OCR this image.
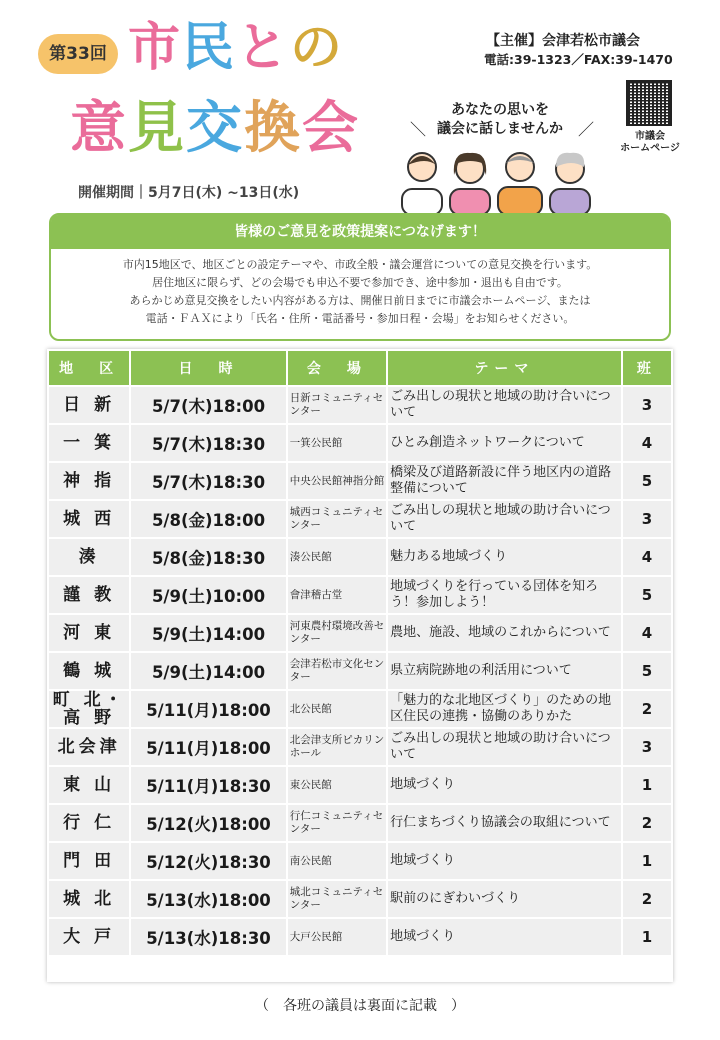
第33回 市民との
意見交換会
開催期間｜5月7日(木) ~13日(水)
【主催】会津若松市議会
電話:39-1323／FAX:39-1470
市議会
ホームページ
あなたの思いを
＼ 議会に話しませんか ／
皆様のご意見を政策提案につなげます！
市内15地区で、地区ごとの設定テーマや、市政全般・議会運営についての意見交換を行います。
居住地区に限らず、どの会場でも申込不要で参加でき、途中参加・退出も自由です。
あらかじめ意見交換をしたい内容がある方は、開催日前日までに市議会ホームページ、または
電話・ＦＡＸにより「氏名・住所・電話番号・参加日程・会場」をお知らせください。
地　区	日　時	会　場	テーマ	班
日 新	5/7(木)18:00	日新コミュニティセンター	ごみ出しの現状と地域の助け合いについて	3
一 箕	5/7(木)18:30	一箕公民館	ひとみ創造ネットワークについて	4
神 指	5/7(木)18:30	中央公民館神指分館	橋梁及び道路新設に伴う地区内の道路整備について	5
城 西	5/8(金)18:00	城西コミュニティセンター	ごみ出しの現状と地域の助け合いについて	3
湊	5/8(金)18:30	湊公民館	魅力ある地域づくり	4
謹 教	5/9(土)10:00	會津稽古堂	地域づくりを行っている団体を知ろう！参加しよう！	5
河 東	5/9(土)14:00	河東農村環境改善センター	農地、施設、地域のこれからについて	4
鶴 城	5/9(土)14:00	会津若松市文化センター	県立病院跡地の利活用について	5
町 北・高 野	5/11(月)18:00	北公民館	「魅力的な北地区づくり」のための地区住民の連携・協働のありかた	2
北会津	5/11(月)18:00	北会津支所ピカリンホール	ごみ出しの現状と地域の助け合いについて	3
東 山	5/11(月)18:30	東公民館	地域づくり	1
行 仁	5/12(火)18:00	行仁コミュニティセンター	行仁まちづくり協議会の取組について	2
門 田	5/12(火)18:30	南公民館	地域づくり	1
城 北	5/13(水)18:00	城北コミュニティセンター	駅前のにぎわいづくり	2
大 戸	5/13(水)18:30	大戸公民館	地域づくり	1
（　各班の議員は裏面に記載　）
